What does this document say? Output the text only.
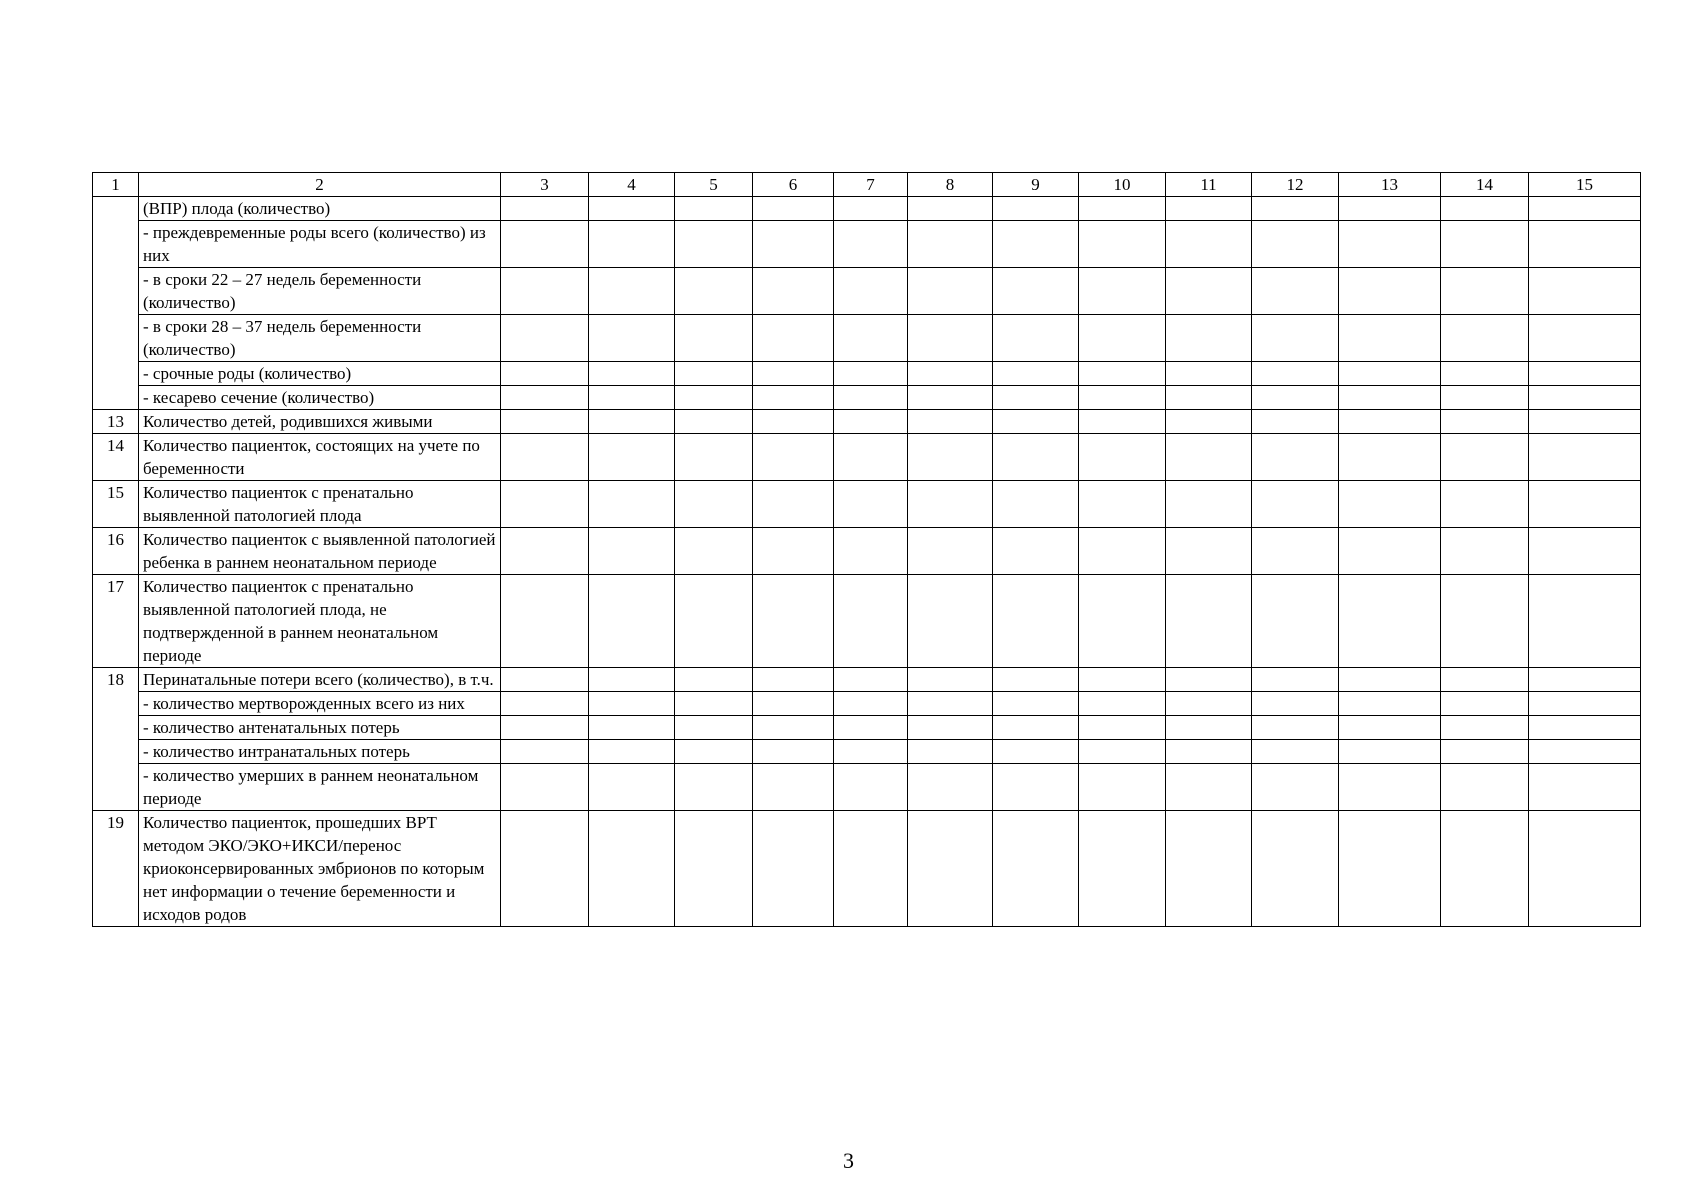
1	2	3	4	5	6	7	8	9	10	11	12	13	14	15
	(ВПР) плода (количество)													
	- преждевременные роды всего (количество) из них													
	- в сроки 22 – 27 недель беременности (количество)													
	- в сроки 28 – 37 недель беременности (количество)													
	- срочные роды (количество)													
	- кесарево сечение (количество)													
13	Количество детей, родившихся живыми													
14	Количество пациенток, состоящих на учете по беременности													
15	Количество пациенток с пренатально выявленной патологией плода													
16	Количество пациенток с выявленной патологией ребенка в раннем неонатальном периоде													
17	Количество пациенток с пренатально выявленной патологией плода, не подтвержденной в раннем неонатальном периоде													
18	Перинатальные потери всего (количество), в т.ч.													
	- количество мертворожденных всего из них													
	- количество антенатальных потерь													
	- количество интранатальных потерь													
	- количество умерших в раннем неонатальном периоде													
19	Количество пациенток, прошедших ВРТ методом ЭКО/ЭКО+ИКСИ/перенос криоконсервированных эмбрионов по которым нет информации о течение беременности и исходов родов													
3
